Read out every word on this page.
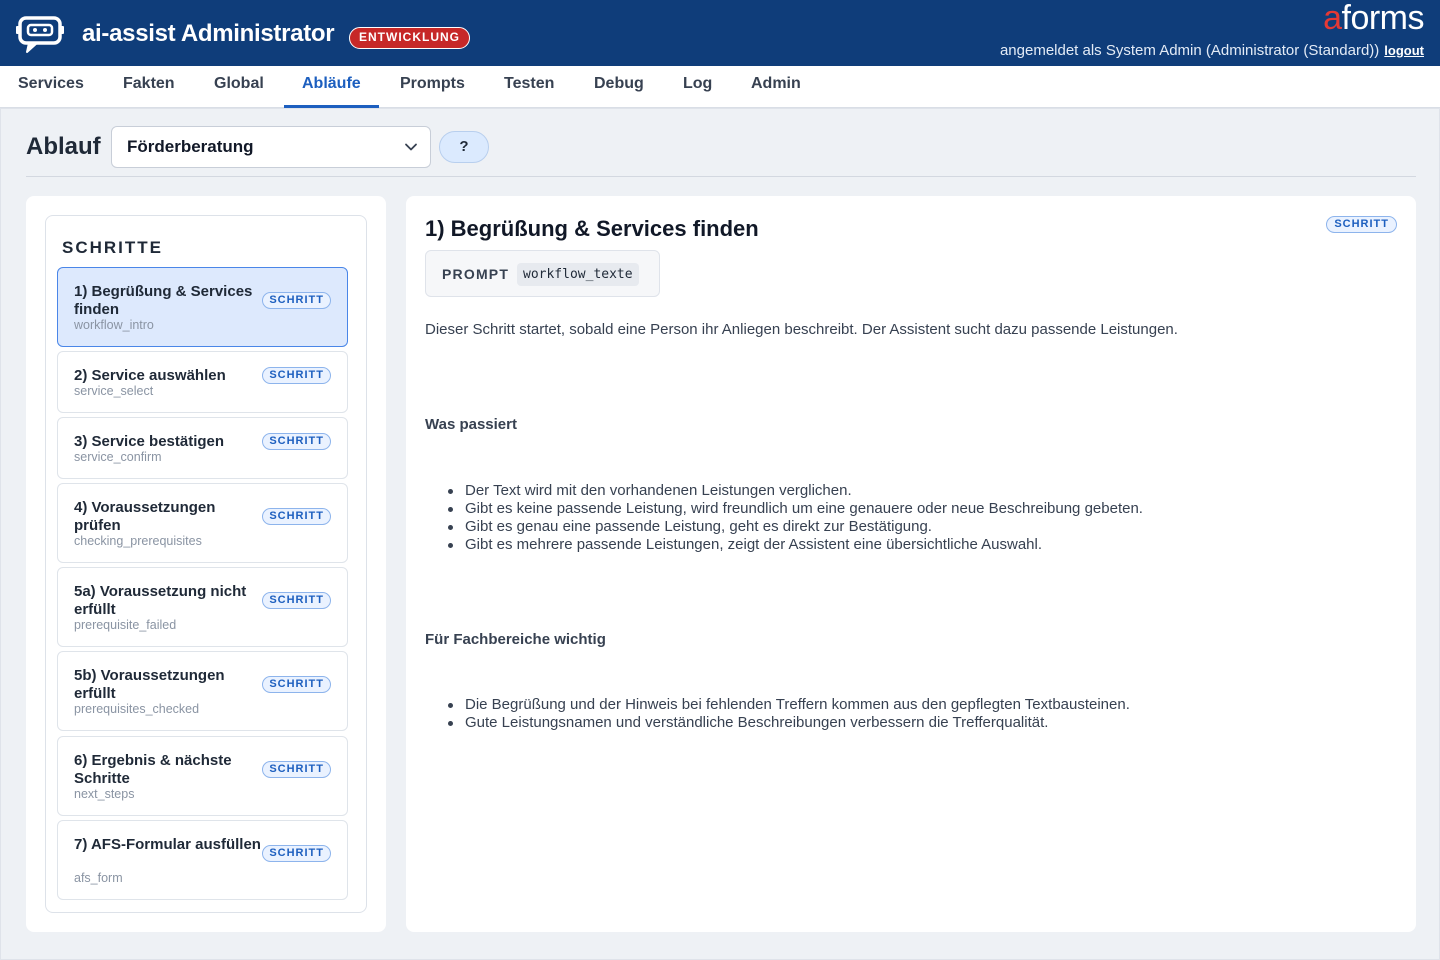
ai-assist Administrator	ENTWICKLUNG	aforms
angemeldet als System Admin (Administrator (Standard)) logout
Services	Fakten	Global	Abläufe	Prompts	Testen	Debug	Log	Admin
Ablauf	Förderberatung	?
SCHRITTE
1) Begrüßung & Services finden
workflow_intro
SCHRITT
2) Service auswählen
service_select
SCHRITT
3) Service bestätigen
service_confirm
SCHRITT
4) Voraussetzungen prüfen
checking_prerequisites
SCHRITT
5a) Voraussetzung nicht erfüllt
prerequisite_failed
SCHRITT
5b) Voraussetzungen erfüllt
prerequisites_checked
SCHRITT
6) Ergebnis & nächste Schritte
next_steps
SCHRITT
7) AFS-Formular ausfüllen
afs_form
SCHRITT
1) Begrüßung & Services finden	SCHRITT
PROMPT	workflow_texte
Dieser Schritt startet, sobald eine Person ihr Anliegen beschreibt. Der Assistent sucht dazu passende Leistungen.
Was passiert
Der Text wird mit den vorhandenen Leistungen verglichen.
Gibt es keine passende Leistung, wird freundlich um eine genauere oder neue Beschreibung gebeten.
Gibt es genau eine passende Leistung, geht es direkt zur Bestätigung.
Gibt es mehrere passende Leistungen, zeigt der Assistent eine übersichtliche Auswahl.
Für Fachbereiche wichtig
Die Begrüßung und der Hinweis bei fehlenden Treffern kommen aus den gepflegten Textbausteinen.
Gute Leistungsnamen und verständliche Beschreibungen verbessern die Trefferqualität.
